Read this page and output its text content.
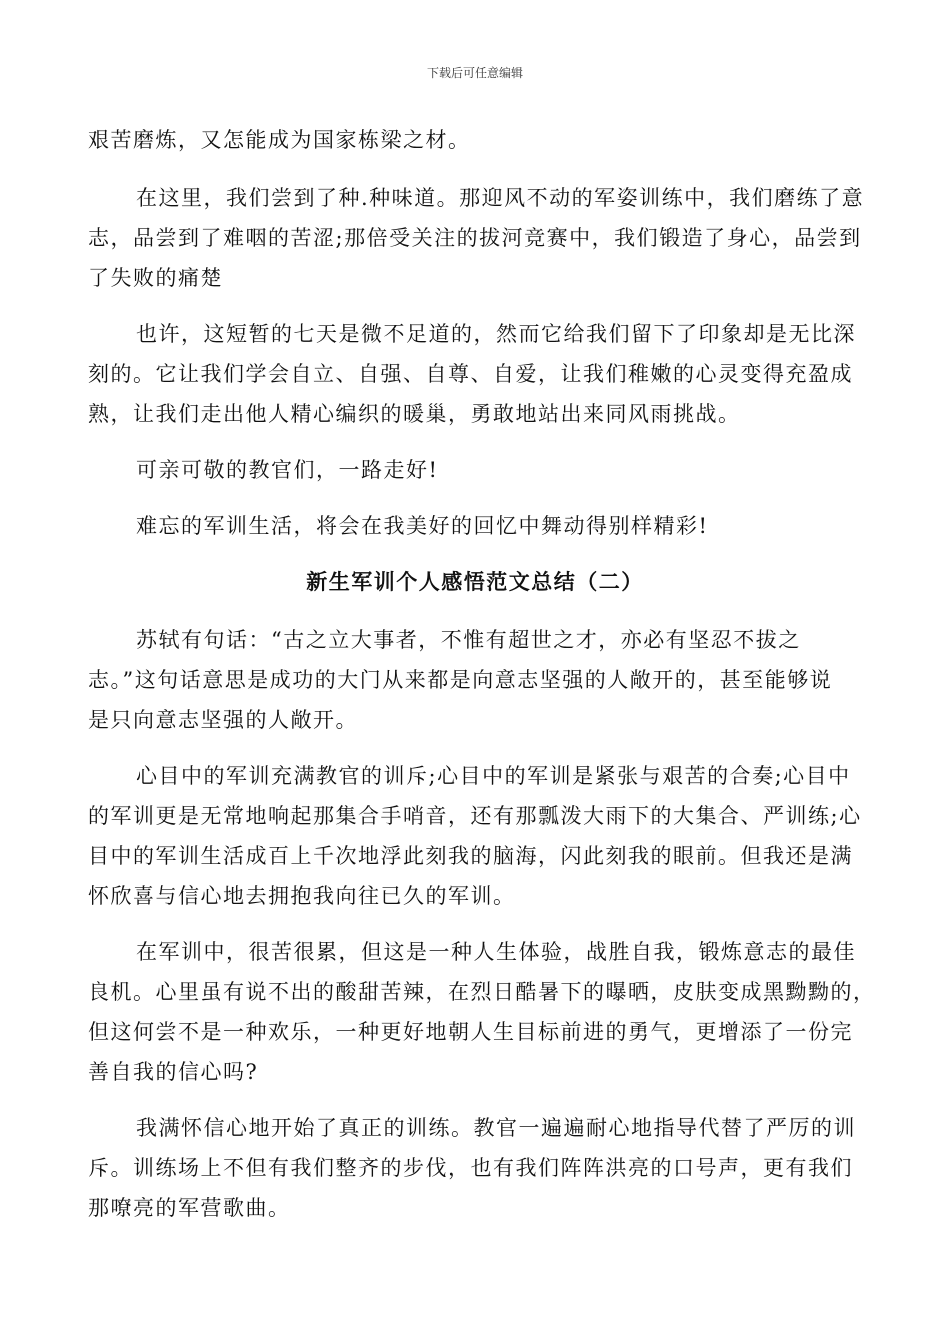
下载后可任意编辑
艰苦磨炼，又怎能成为国家栋梁之材。
在这里，我们尝到了种.种味道。那迎风不动的军姿训练中，我们磨练了意
志，品尝到了难咽的苦涩;那倍受关注的拔河竞赛中，我们锻造了身心，品尝到
了失败的痛楚
也许，这短暂的七天是微不足道的，然而它给我们留下了印象却是无比深
刻的。它让我们学会自立、自强、自尊、自爱，让我们稚嫩的心灵变得充盈成
熟，让我们走出他人精心编织的暖巢，勇敢地站出来同风雨挑战。
可亲可敬的教官们，一路走好!
难忘的军训生活，将会在我美好的回忆中舞动得别样精彩!
苏轼有句话：“古之立大事者，不惟有超世之才，亦必有坚忍不拔之
志。”这句话意思是成功的大门从来都是向意志坚强的人敞开的，甚至能够说
是只向意志坚强的人敞开。
心目中的军训充满教官的训斥;心目中的军训是紧张与艰苦的合奏;心目中
的军训更是无常地响起那集合手哨音，还有那瓢泼大雨下的大集合、严训练;心
目中的军训生活成百上千次地浮此刻我的脑海，闪此刻我的眼前。但我还是满
怀欣喜与信心地去拥抱我向往已久的军训。
在军训中，很苦很累，但这是一种人生体验，战胜自我，锻炼意志的最佳
良机。心里虽有说不出的酸甜苦辣，在烈日酷暑下的曝晒，皮肤变成黑黝黝的，
但这何尝不是一种欢乐，一种更好地朝人生目标前进的勇气，更增添了一份完
善自我的信心吗?
我满怀信心地开始了真正的训练。教官一遍遍耐心地指导代替了严厉的训
斥。训练场上不但有我们整齐的步伐，也有我们阵阵洪亮的口号声，更有我们
那嘹亮的军营歌曲。
新生军训个人感悟范文总结（二）
